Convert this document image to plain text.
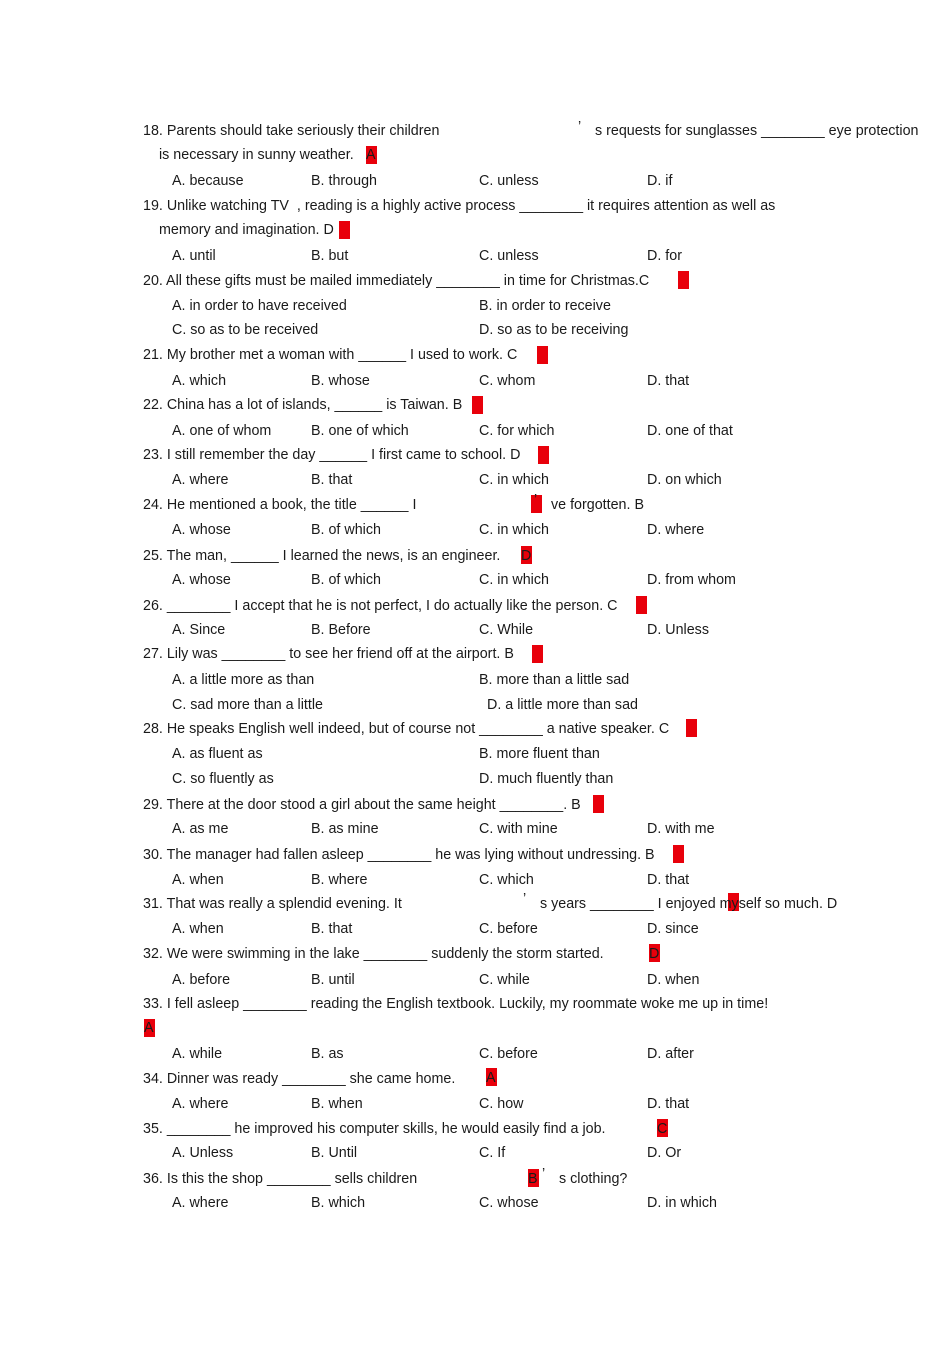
18. Parents should take seriously their children	’ s requests for sunglasses ________ eye protection
is necessary in sunny weather. A
A. because	B. through	C. unless	D. if
19. Unlike watching TV  , reading is a highly active process ________ it requires attention as well as
memory and imagination. D
A. until	B. but	C. unless	D. for
20. All these gifts must be mailed immediately ________ in time for Christmas.C
A. in order to have received	B. in order to receive
C. so as to be received	D. so as to be receiving
21. My brother met a woman with ______ I used to work. C
A. which	B. whose	C. whom	D. that
22. China has a lot of islands, ______ is Taiwan. B
A. one of whom	B. one of which	C. for which	D. one of that
23. I still remember the day ______ I first came to school. D
A. where	B. that	C. in which	D. on which
24. He mentioned a book, the title ______ I	’ ve forgotten. B
A. whose	B. of which	C. in which	D. where
25. The man, ______ I learned the news, is an engineer. D
A. whose	B. of which	C. in which	D. from whom
26. ________ I accept that he is not perfect, I do actually like the person. C
A. Since	B. Before	C. While	D. Unless
27. Lily was ________ to see her friend off at the airport. B
A. a little more as than	B. more than a little sad
C. sad more than a little	D. a little more than sad
28. He speaks English well indeed, but of course not ________ a native speaker. C
A. as fluent as	B. more fluent than
C. so fluently as	D. much fluently than
29. There at the door stood a girl about the same height ________. B
A. as me	B. as mine	C. with mine	D. with me
30. The manager had fallen asleep ________ he was lying without undressing. B
A. when	B. where	C. which	D. that
31. That was really a splendid evening. It	’ s years ________ I enjoyed myself so much. D
A. when	B. that	C. before	D. since
32. We were swimming in the lake ________ suddenly the storm started.	D
A. before	B. until	C. while	D. when
33. I fell asleep ________ reading the English textbook. Luckily, my roommate woke me up in time!
A
A. while	B. as	C. before	D. after
34. Dinner was ready ________ she came home. A
A. where	B. when	C. how	D. that
35. ________ he improved his computer skills, he would easily find a job.	C
A. Unless	B. Until	C. If	D. Or
36. Is this the shop ________ sells children	B ’ s clothing?
A. where	B. which	C. whose	D. in which
